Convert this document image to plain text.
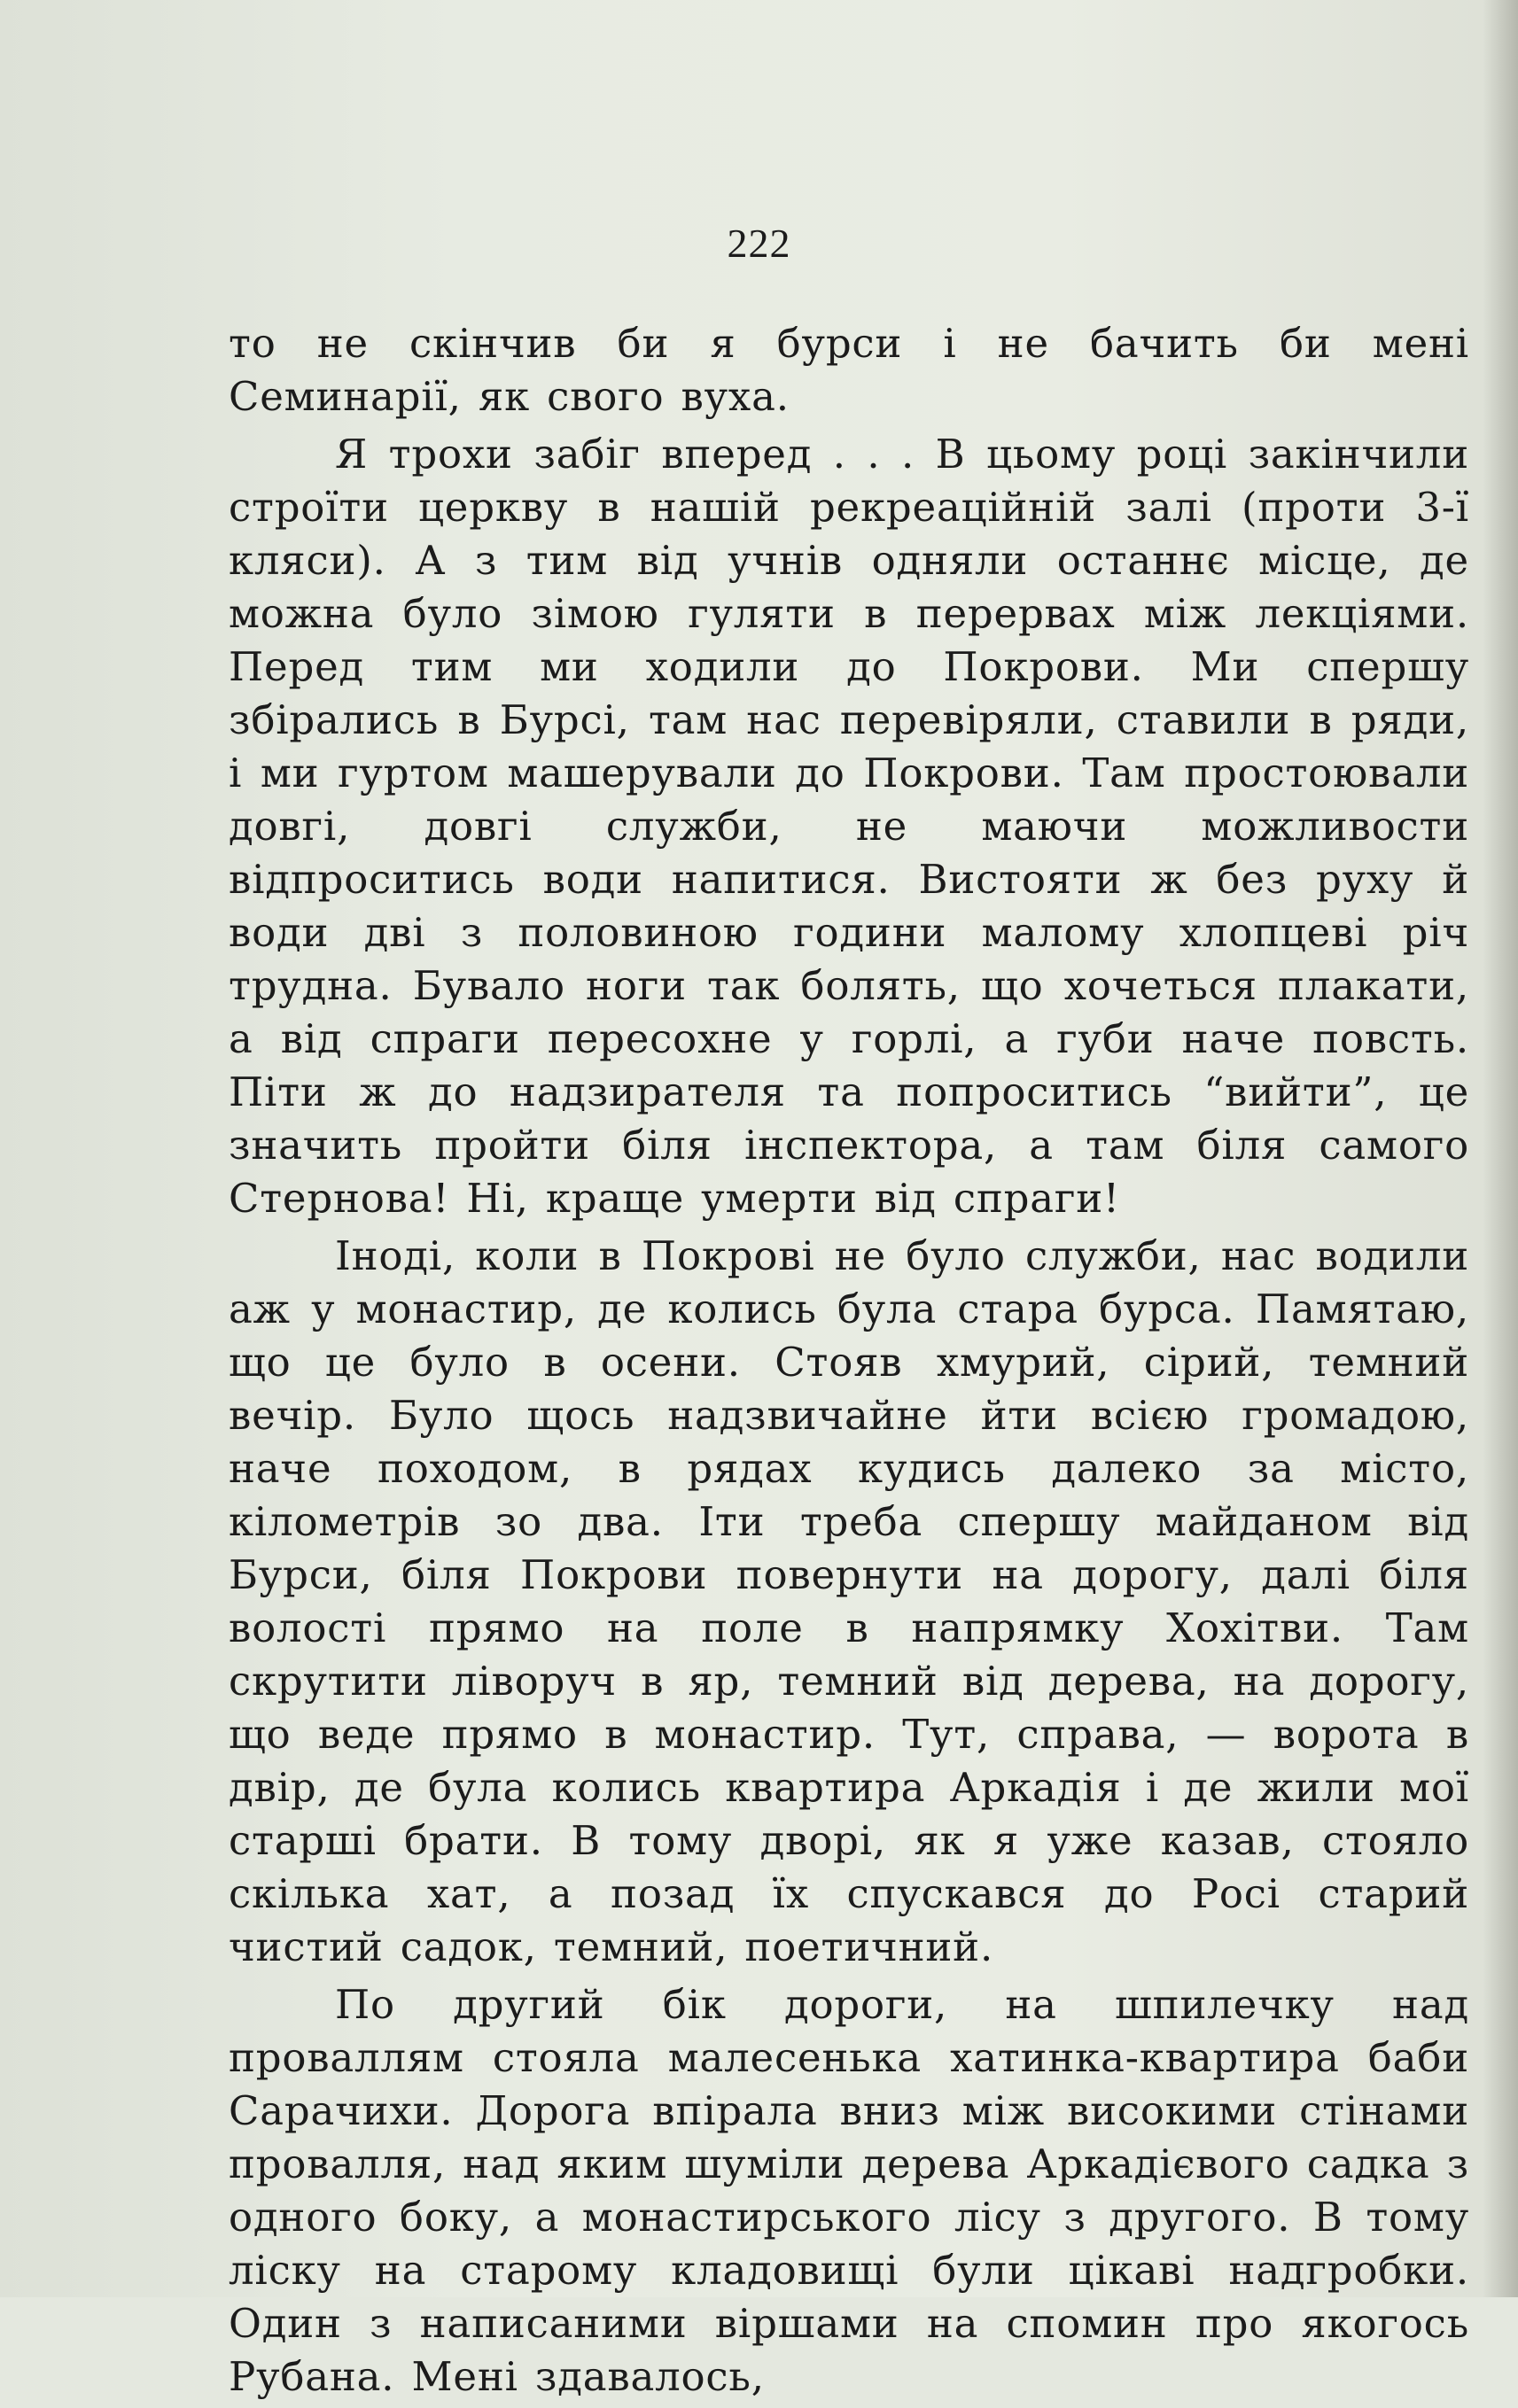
222

то не скінчив би я бурси і не бачить би мені Семинарії, як свого вуха.

Я трохи забіг вперед . . . В цьому році закінчили строїти церкву в нашій рекреаційній залі (проти 3-ї кляси). А з тим від учнів одняли останнє місце, де можна було зімою гуляти в перервах між лекціями. Перед тим ми ходили до Покрови. Ми спершу збірались в Бурсі, там нас перевіряли, ставили в ряди, і ми гуртом машерували до Покрови. Там простоювали довгі, довгі служби, не маючи можливости відпроситись води напитися. Вистояти ж без руху й води дві з половиною години малому хлопцеві річ трудна. Бувало ноги так болять, що хочеться плакати, а від спраги пересохне у горлі, а губи наче повсть. Піти ж до надзирателя та попроситись “вийти”, це значить пройти біля інспектора, а там біля самого Стернова! Ні, краще умерти від спраги!

Іноді, коли в Покрові не було служби, нас водили аж у монастир, де колись була стара бурса. Памятаю, що це було в осени. Стояв хмурий, сірий, темний вечір. Було щось надзвичайне йти всією громадою, наче походом, в рядах кудись далеко за місто, кілометрів зо два. Іти треба спершу майданом від Бурси, біля Покрови повернути на дорогу, далі біля волості прямо на поле в напрямку Хохітви. Там скрутити ліворуч в яр, темний від дерева, на дорогу, що веде прямо в монастир. Тут, справа, — ворота в двір, де була колись квартира Аркадія і де жили мої старші брати. В тому дворі, як я уже казав, стояло скілька хат, а позад їх спускався до Росі старий чистий садок, темний, поетичний.

По другий бік дороги, на шпилечку над проваллям стояла малесенька хатинка-квартира баби Сарачихи. Дорога впірала вниз між високими стінами провалля, над яким шуміли дерева Аркадієвого садка з одного боку, а монастирського лісу з другого. В тому ліску на старому кладовищі були цікаві надгробки. Один з написаними віршами на спомин про якогось Рубана. Мені здавалось,
